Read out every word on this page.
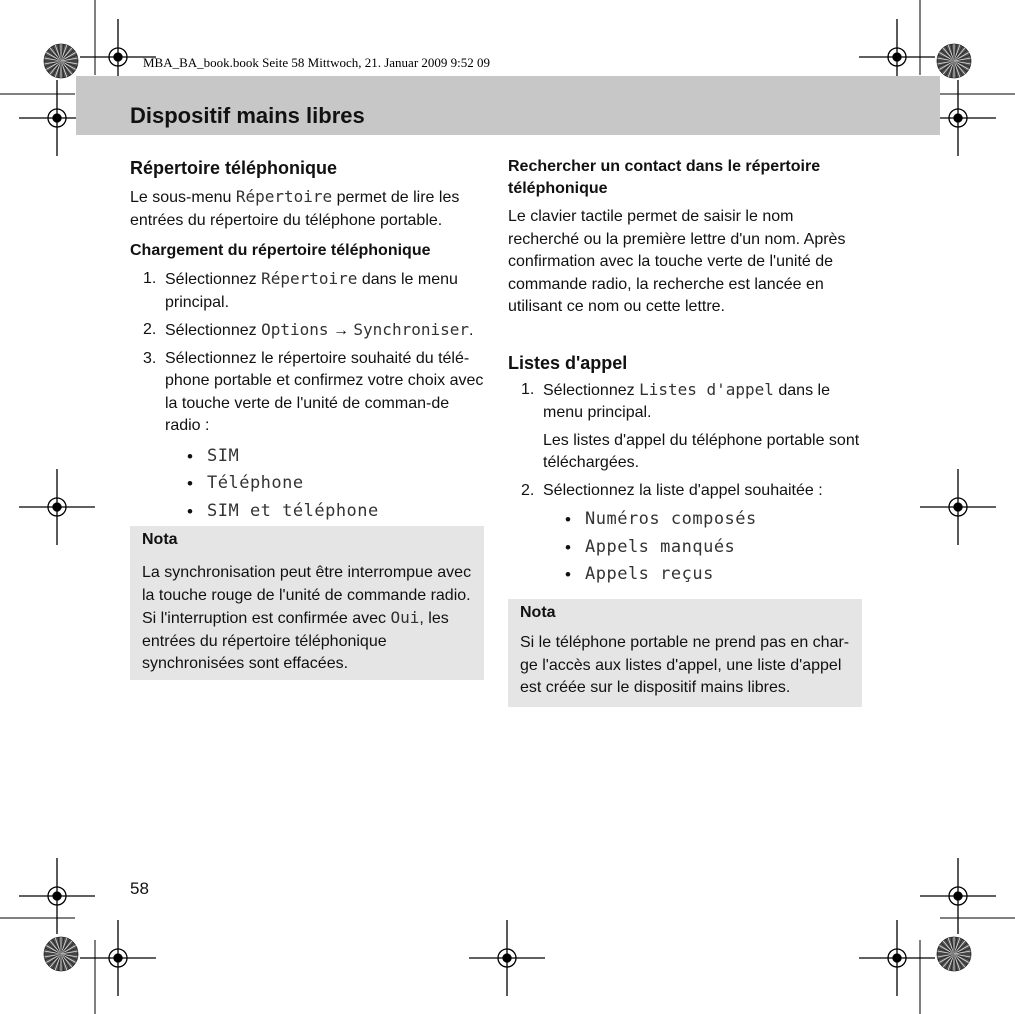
MBA_BA_book.book Seite 58 Mittwoch, 21. Januar 2009 9:52 09
Dispositif mains libres
Répertoire téléphonique

Le sous-menu Répertoire permet de lire les entrées du répertoire du téléphone portable.

Chargement du répertoire téléphonique
1. Sélectionnez Répertoire dans le menu principal.
2. Sélectionnez Options → Synchroniser.
3. Sélectionnez le répertoire souhaité du télé-phone portable et confirmez votre choix avec la touche verte de l'unité de comman-de radio :
• SIM
• Téléphone
• SIM et téléphone
Nota

La synchronisation peut être interrompue avec la touche rouge de l'unité de commande radio. Si l'interruption est confirmée avec Oui, les entrées du répertoire téléphonique synchronisées sont effacées.

Rechercher un contact dans le répertoire téléphonique

Le clavier tactile permet de saisir le nom recherché ou la première lettre d'un nom. Après confirmation avec la touche verte de l'unité de commande radio, la recherche est lancée en utilisant ce nom ou cette lettre.

Listes d'appel
1. Sélectionnez Listes d'appel dans le menu principal.
Les listes d'appel du téléphone portable sont téléchargées.
2. Sélectionnez la liste d'appel souhaitée :
• Numéros composés
• Appels manqués
• Appels reçus
Nota

Si le téléphone portable ne prend pas en char-ge l'accès aux listes d'appel, une liste d'appel est créée sur le dispositif mains libres.

58
